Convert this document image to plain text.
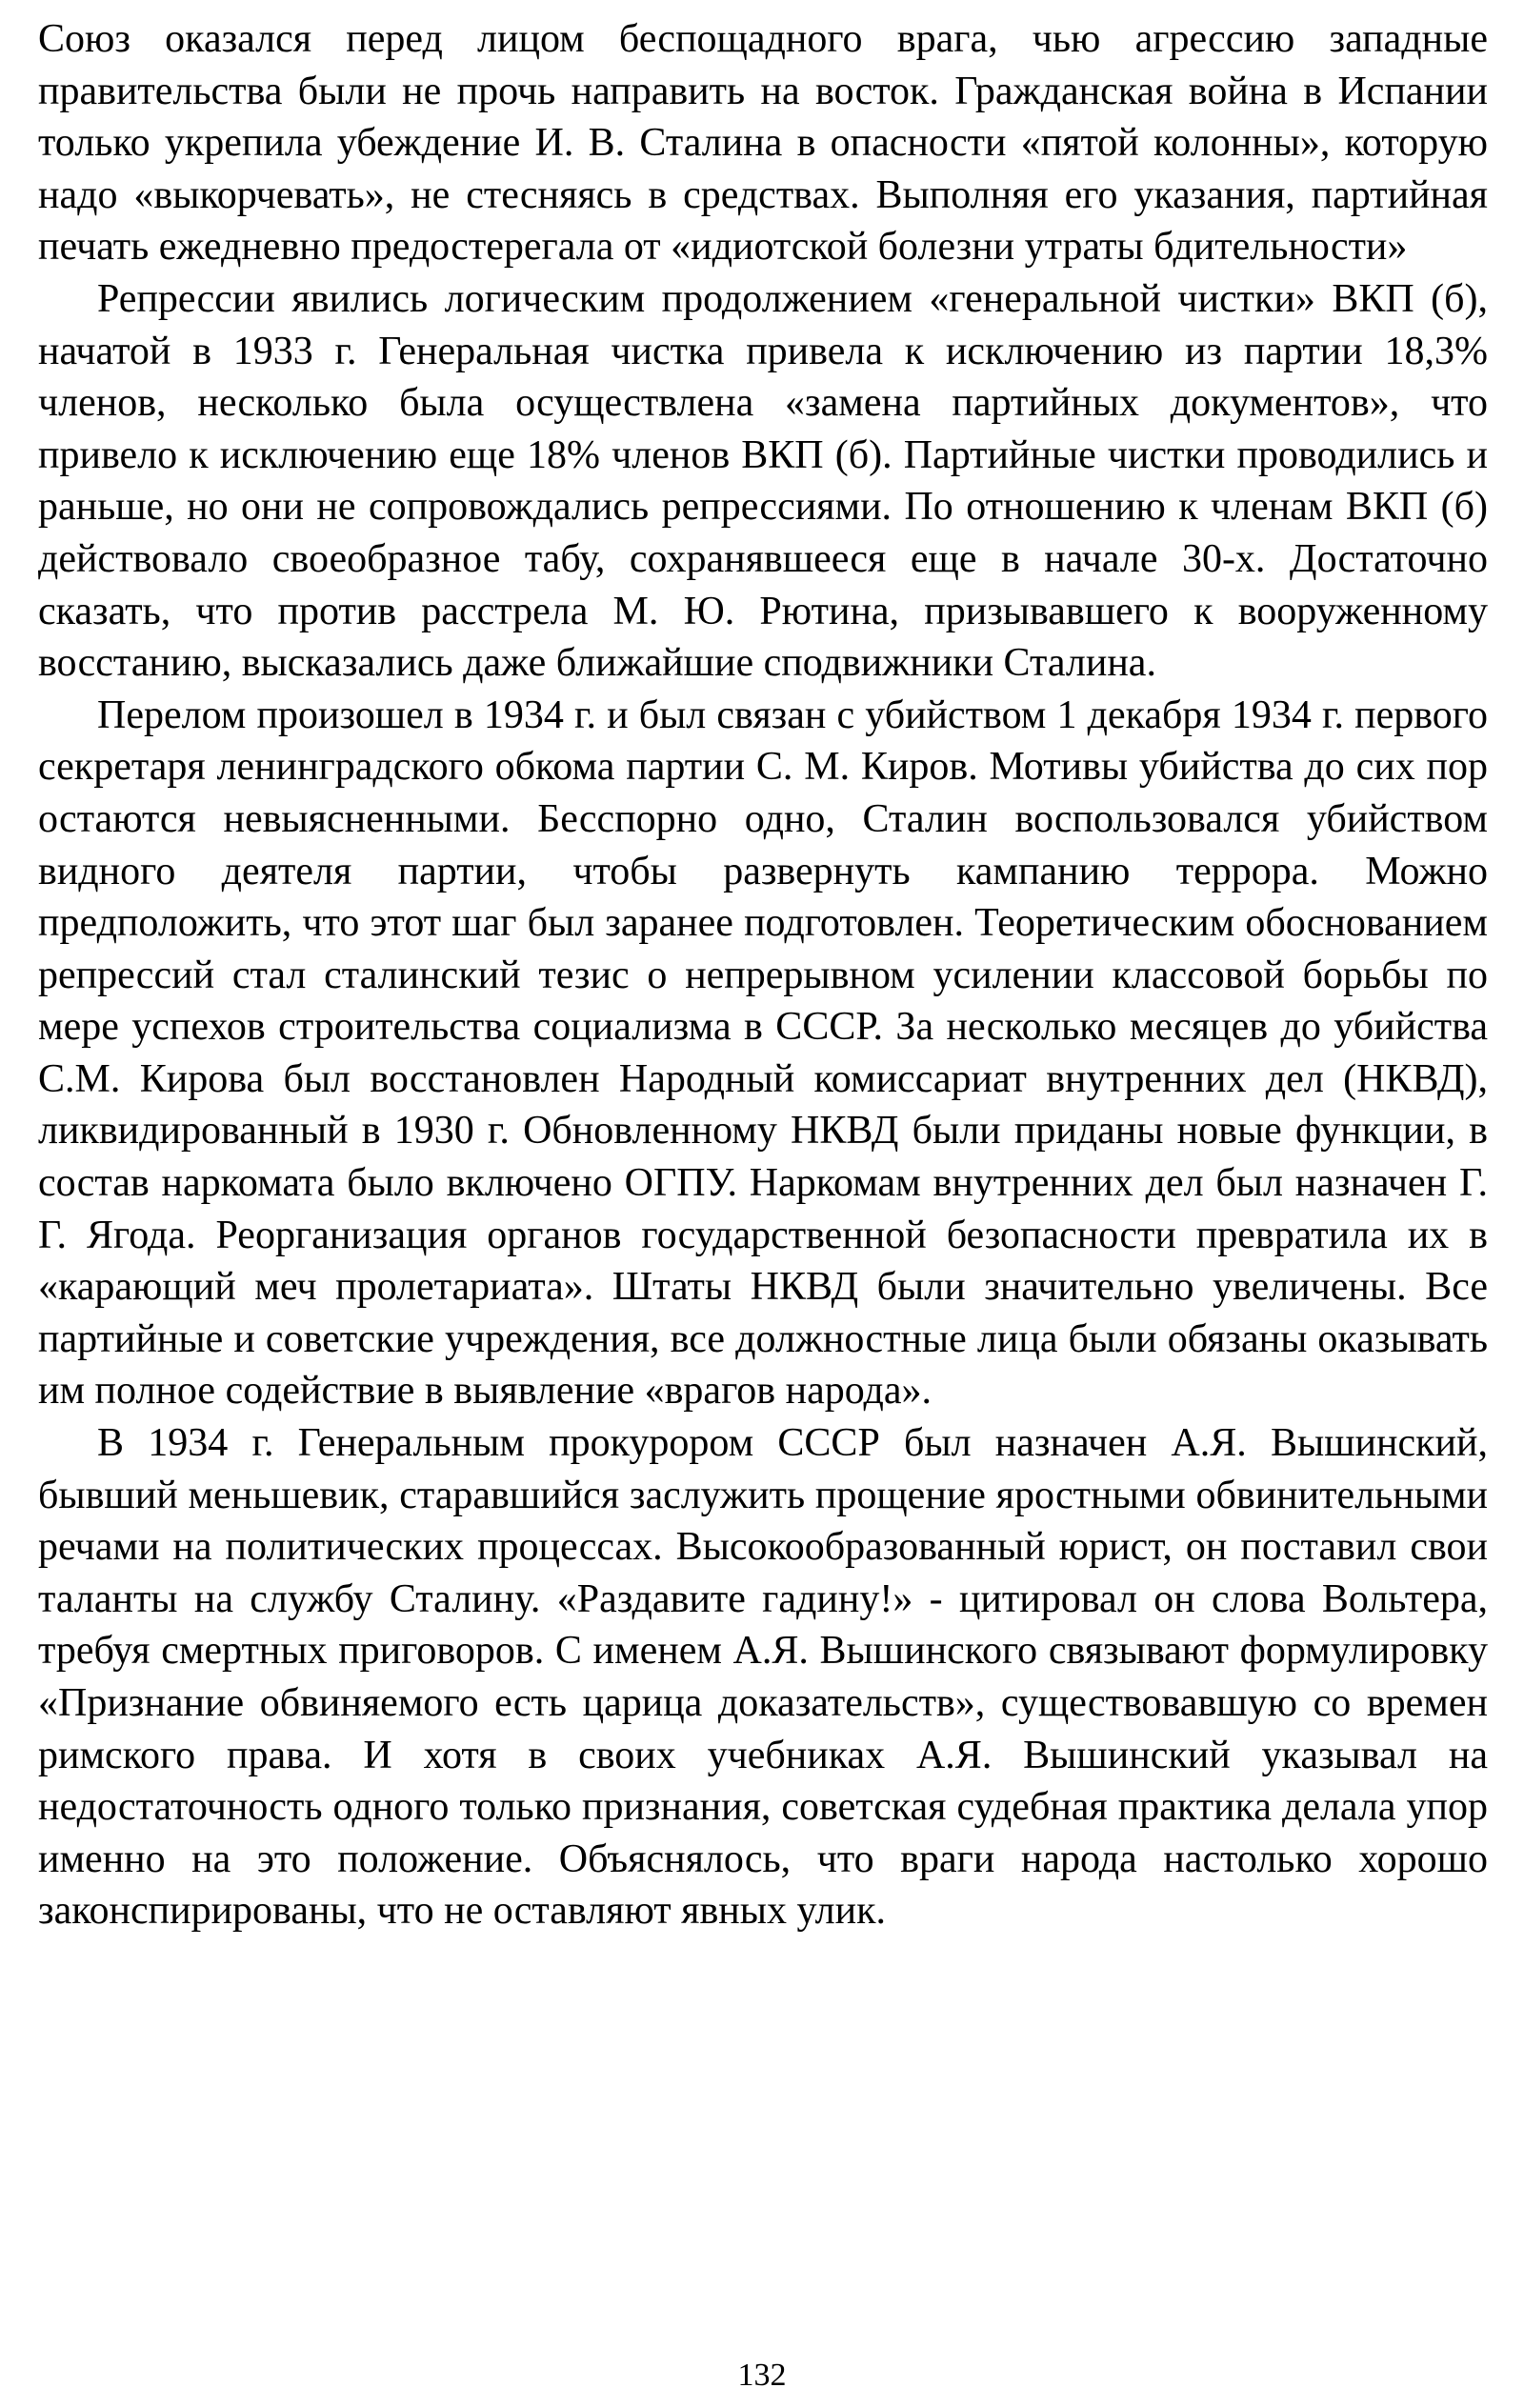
Союз оказался перед лицом беспощадного врага, чью агрессию западные правительства были не прочь направить на восток. Гражданская война в Испании только укрепила убеждение И. В. Сталина в опасности «пятой колонны», которую надо «выкорчевать», не стесняясь в средствах. Выполняя его указания, партийная печать ежедневно предостерегала от «идиотской болезни утраты бдительности»

Репрессии явились логическим продолжением «генеральной чистки» ВКП (б), начатой в 1933 г. Генеральная чистка привела к исключению из партии 18,3% членов, несколько была осуществлена «замена партийных документов», что привело к исключению еще 18% членов ВКП (б). Партийные чистки проводились и раньше, но они не сопровождались репрессиями. По отношению к членам ВКП (б) действовало своеобразное табу, сохранявшееся еще в начале 30-х. Достаточно сказать, что против расстрела М. Ю. Рютина, призывавшего к вооруженному восстанию, высказались даже ближайшие сподвижники Сталина.

Перелом произошел в 1934 г. и был связан с убийством 1 декабря 1934 г. первого секретаря ленинградского обкома партии С. М. Киров. Мотивы убийства до сих пор остаются невыясненными. Бесспорно одно, Сталин воспользовался убийством видного деятеля партии, чтобы развернуть кампанию террора. Можно предположить, что этот шаг был заранее подготовлен. Теоретическим обоснованием репрессий стал сталинский тезис о непрерывном усилении классовой борьбы по мере успехов строительства социализма в СССР. За несколько месяцев до убийства С.М. Кирова был восстановлен Народный комиссариат внутренних дел (НКВД), ликвидированный в 1930 г. Обновленному НКВД были приданы новые функции, в состав наркомата было включено ОГПУ. Наркомам внутренних дел был назначен Г. Г. Ягода. Реорганизация органов государственной безопасности превратила их в «карающий меч пролетариата». Штаты НКВД были значительно увеличены. Все партийные и советские учреждения, все должностные лица были обязаны оказывать им полное содействие в выявление «врагов народа».

В 1934 г. Генеральным прокурором СССР был назначен А.Я. Вышинский, бывший меньшевик, старавшийся заслужить прощение яростными обвинительными речами на политических процессах. Высокообразованный юрист, он поставил свои таланты на службу Сталину. «Раздавите гадину!» - цитировал он слова Вольтера, требуя смертных приговоров. С именем А.Я. Вышинского связывают формулировку «Признание обвиняемого есть царица доказательств», существовавшую со времен римского права. И хотя в своих учебниках А.Я. Вышинский указывал на недостаточность одного только признания, советская судебная практика делала упор именно на это положение. Объяснялось, что враги народа настолько хорошо законспирированы, что не оставляют явных улик.

132
